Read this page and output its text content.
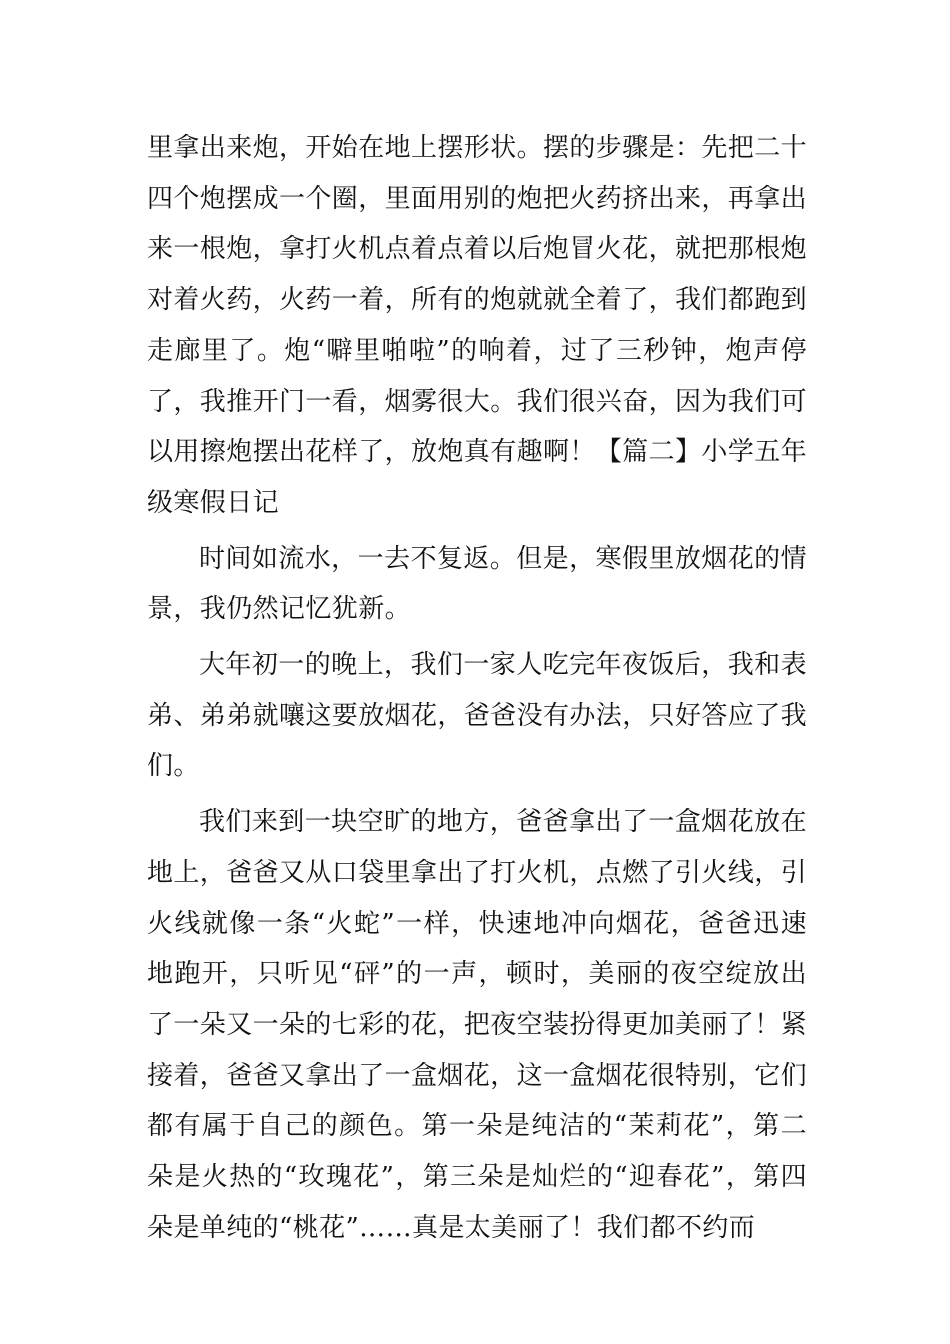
里拿出来炮，开始在地上摆形状。摆的步骤是：先把二十四个炮摆成一个圈，里面用别的炮把火药挤出来，再拿出来一根炮，拿打火机点着点着以后炮冒火花，就把那根炮对着火药，火药一着，所有的炮就就全着了，我们都跑到走廊里了。炮“噼里啪啦”的响着，过了三秒钟，炮声停了，我推开门一看，烟雾很大。我们很兴奋，因为我们可以用擦炮摆出花样了，放炮真有趣啊！【篇二】小学五年级寒假日记

时间如流水，一去不复返。但是，寒假里放烟花的情景，我仍然记忆犹新。

大年初一的晚上，我们一家人吃完年夜饭后，我和表弟、弟弟就嚷这要放烟花，爸爸没有办法，只好答应了我们。

我们来到一块空旷的地方，爸爸拿出了一盒烟花放在地上，爸爸又从口袋里拿出了打火机，点燃了引火线，引火线就像一条“火蛇”一样，快速地冲向烟花，爸爸迅速地跑开，只听见“砰”的一声，顿时，美丽的夜空绽放出了一朵又一朵的七彩的花，把夜空装扮得更加美丽了！紧接着，爸爸又拿出了一盒烟花，这一盒烟花很特别，它们都有属于自己的颜色。第一朵是纯洁的“茉莉花”，第二朵是火热的“玫瑰花”，第三朵是灿烂的“迎春花”，第四朵是单纯的“桃花”……真是太美丽了！我们都不约而
